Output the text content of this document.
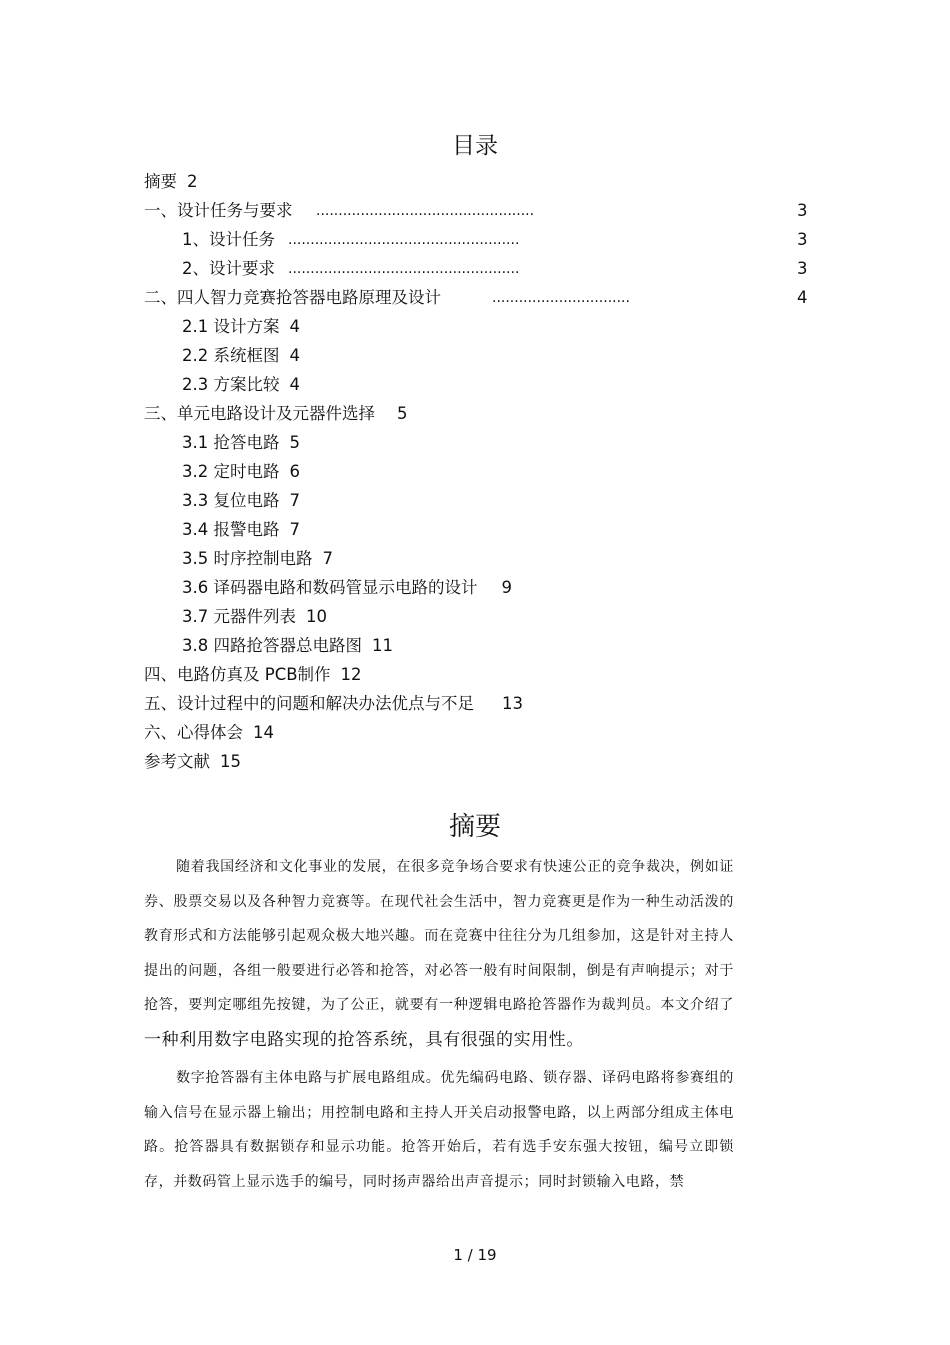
目录
摘要 2
一、设计任务与要求 .................................................	3
1、设计任务 ....................................................	3
2、设计要求 ....................................................	3
二、四人智力竞赛抢答器电路原理及设计	...............................	4
2.1 设计方案 4
2.2 系统框图 4
2.3 方案比较 4
三、单元电路设计及元器件选择 5
3.1 抢答电路 5
3.2 定时电路 6
3.3 复位电路 7
3.4 报警电路 7
3.5 时序控制电路 7
3.6 译码器电路和数码管显示电路的设计 9
3.7 元器件列表 10
3.8 四路抢答器总电路图 11
四、电路仿真及 PCB制作 12
五、设计过程中的问题和解决办法优点与不足 13
六、心得体会 14
参考文献 15
摘要

随着我国经济和文化事业的发展，在很多竞争场合要求有快速公正的竞争裁决，例如证券、股票交易以及各种智力竞赛等。在现代社会生活中，智力竞赛更是作为一种生动活泼的教育形式和方法能够引起观众极大地兴趣。而在竞赛中往往分为几组参加，这是针对主持人提出的问题，各组一般要进行必答和抢答，对必答一般有时间限制，倒是有声响提示；对于抢答，要判定哪组先按键，为了公正，就要有一种逻辑电路抢答器作为裁判员。本文介绍了一种利用数字电路实现的抢答系统，具有很强的实用性。

数字抢答器有主体电路与扩展电路组成。优先编码电路、锁存器、译码电路将参赛组的输入信号在显示器上输出；用控制电路和主持人开关启动报警电路，以上两部分组成主体电路。抢答器具有数据锁存和显示功能。抢答开始后，若有选手安东强大按钮，编号立即锁存，并数码管上显示选手的编号，同时扬声器给出声音提示；同时封锁输入电路，禁

1 / 19
